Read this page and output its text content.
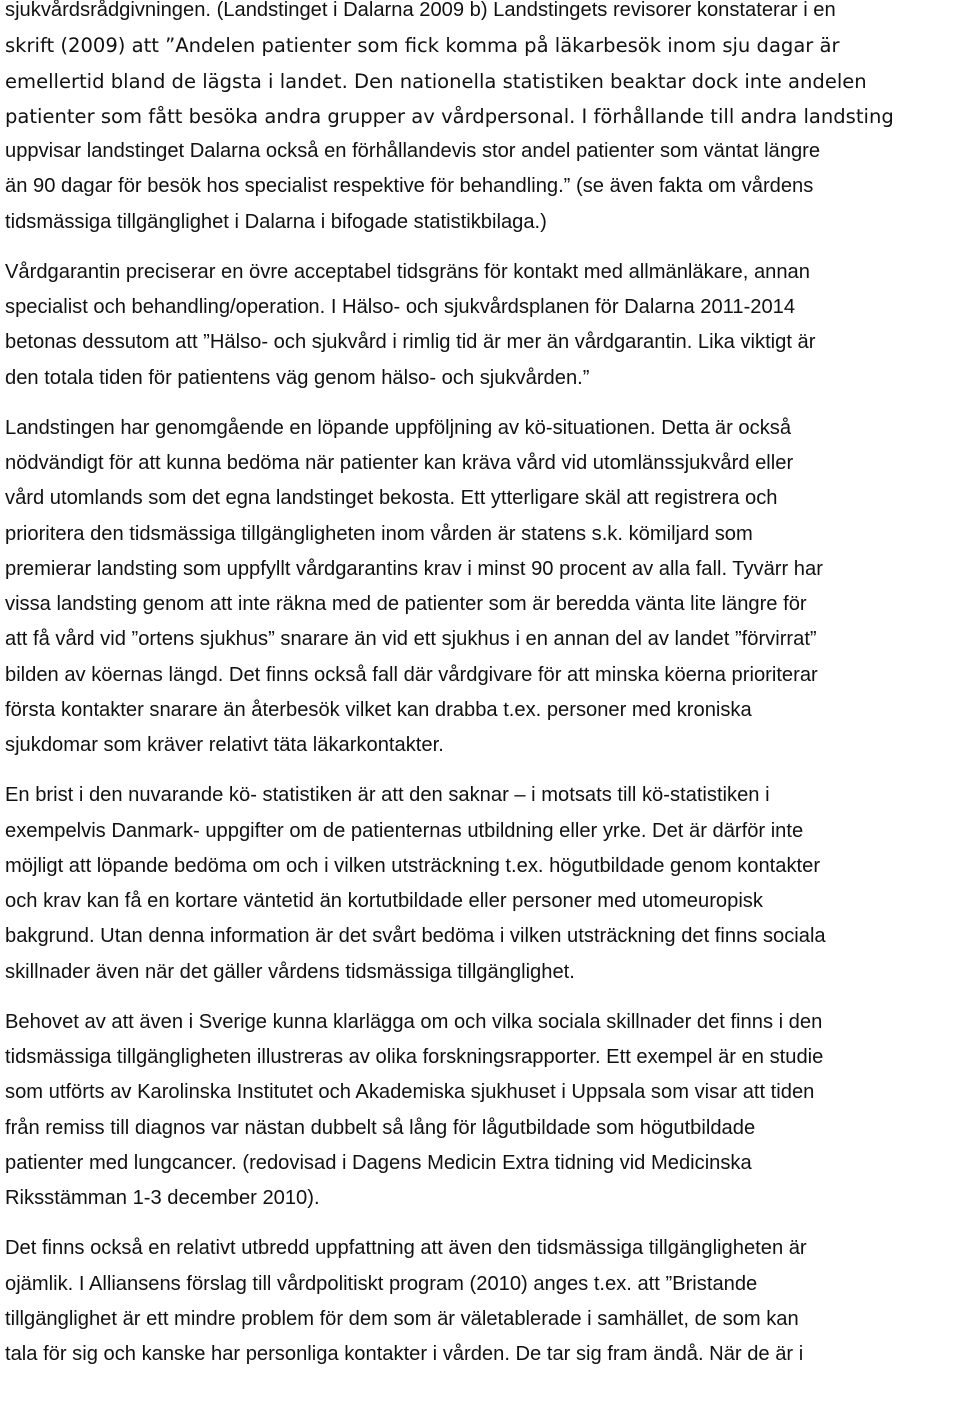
sjukvårdsrådgivningen. (Landstinget i Dalarna 2009 b) Landstingets revisorer konstaterar i en
skrift (2009) att ”Andelen patienter som fick komma på läkarbesök inom sju dagar är
emellertid bland de lägsta i landet. Den nationella statistiken beaktar dock inte andelen
patienter som fått besöka andra grupper av vårdpersonal. I förhållande till andra landsting
uppvisar landstinget Dalarna också en förhållandevis stor andel patienter som väntat längre
än 90 dagar för besök hos specialist respektive för behandling.” (se även fakta om vårdens
tidsmässiga tillgänglighet i Dalarna i bifogade statistikbilaga.)

Vårdgarantin preciserar en övre acceptabel tidsgräns för kontakt med allmänläkare, annan
specialist och behandling/operation. I Hälso- och sjukvårdsplanen för Dalarna 2011-2014
betonas dessutom att ”Hälso- och sjukvård i rimlig tid är mer än vårdgarantin. Lika viktigt är
den totala tiden för patientens väg genom hälso- och sjukvården.”

Landstingen har genomgående en löpande uppföljning av kö-situationen. Detta är också
nödvändigt för att kunna bedöma när patienter kan kräva vård vid utomlänssjukvård eller
vård utomlands som det egna landstinget bekosta. Ett ytterligare skäl att registrera och
prioritera den tidsmässiga tillgängligheten inom vården är statens s.k. kömiljard som
premierar landsting som uppfyllt vårdgarantins krav i minst 90 procent av alla fall. Tyvärr har
vissa landsting genom att inte räkna med de patienter som är beredda vänta lite längre för
att få vård vid ”ortens sjukhus” snarare än vid ett sjukhus i en annan del av landet ”förvirrat”
bilden av köernas längd. Det finns också fall där vårdgivare för att minska köerna prioriterar
första kontakter snarare än återbesök vilket kan drabba t.ex. personer med kroniska
sjukdomar som kräver relativt täta läkarkontakter.

En brist i den nuvarande kö- statistiken är att den saknar – i motsats till kö-statistiken i
exempelvis Danmark- uppgifter om de patienternas utbildning eller yrke. Det är därför inte
möjligt att löpande bedöma om och i vilken utsträckning t.ex. högutbildade genom kontakter
och krav kan få en kortare väntetid än kortutbildade eller personer med utomeuropisk
bakgrund. Utan denna information är det svårt bedöma i vilken utsträckning det finns sociala
skillnader även när det gäller vårdens tidsmässiga tillgänglighet.

Behovet av att även i Sverige kunna klarlägga om och vilka sociala skillnader det finns i den
tidsmässiga tillgängligheten illustreras av olika forskningsrapporter. Ett exempel är en studie
som utförts av Karolinska Institutet och Akademiska sjukhuset i Uppsala som visar att tiden
från remiss till diagnos var nästan dubbelt så lång för lågutbildade som högutbildade
patienter med lungcancer. (redovisad i Dagens Medicin Extra tidning vid Medicinska
Riksstämman 1-3 december 2010).

Det finns också en relativt utbredd uppfattning att även den tidsmässiga tillgängligheten är
ojämlik. I Alliansens förslag till vårdpolitiskt program (2010) anges t.ex. att ”Bristande
tillgänglighet är ett mindre problem för dem som är väletablerade i samhället, de som kan
tala för sig och kanske har personliga kontakter i vården. De tar sig fram ändå. När de är i
